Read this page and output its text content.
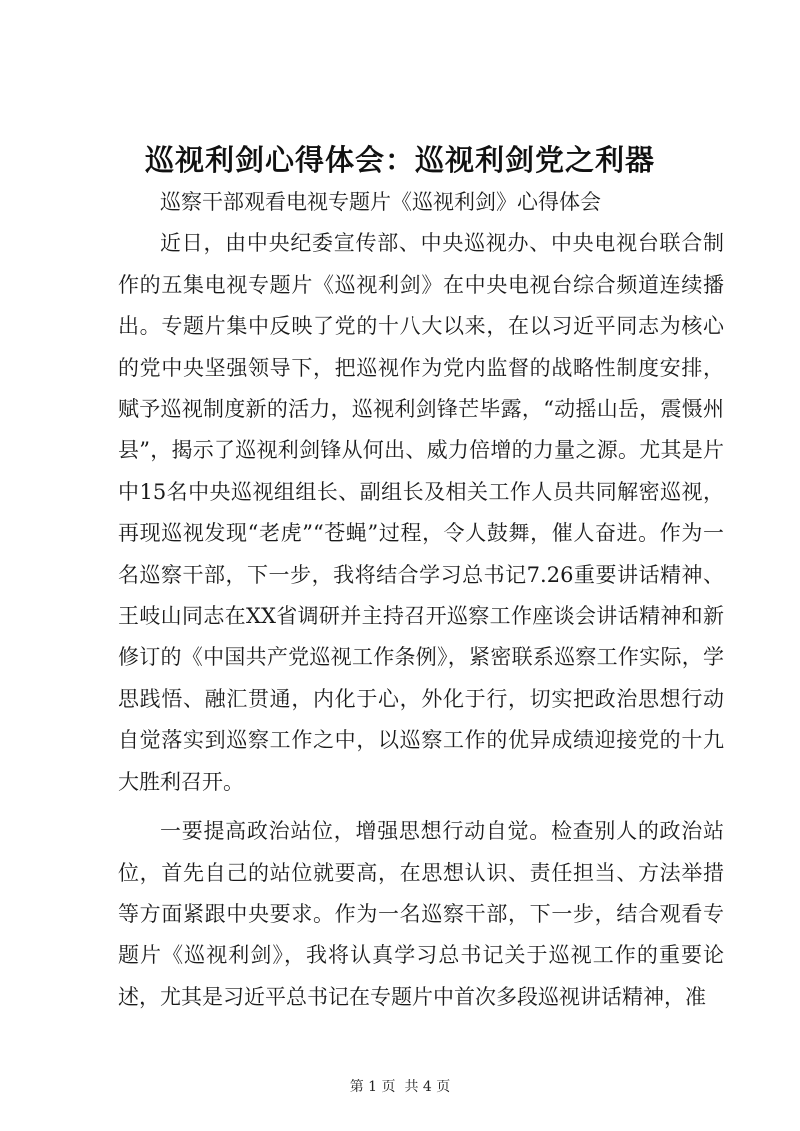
巡视利剑心得体会：巡视利剑党之利器

巡察干部观看电视专题片《巡视利剑》心得体会

近日，由中央纪委宣传部、中央巡视办、中央电视台联合制作的五集电视专题片《巡视利剑》在中央电视台综合频道连续播出。专题片集中反映了党的十八大以来，在以习近平同志为核心的党中央坚强领导下，把巡视作为党内监督的战略性制度安排，赋予巡视制度新的活力，巡视利剑锋芒毕露，“动摇山岳，震慑州县”，揭示了巡视利剑锋从何出、威力倍增的力量之源。尤其是片中15名中央巡视组组长、副组长及相关工作人员共同解密巡视，再现巡视发现“老虎”“苍蝇”过程，令人鼓舞，催人奋进。作为一名巡察干部，下一步，我将结合学习总书记7.26重要讲话精神、王岐山同志在XX省调研并主持召开巡察工作座谈会讲话精神和新修订的《中国共产党巡视工作条例》，紧密联系巡察工作实际，学思践悟、融汇贯通，内化于心，外化于行，切实把政治思想行动自觉落实到巡察工作之中，以巡察工作的优异成绩迎接党的十九大胜利召开。

一要提高政治站位，增强思想行动自觉。检查别人的政治站位，首先自己的站位就要高，在思想认识、责任担当、方法举措等方面紧跟中央要求。作为一名巡察干部，下一步，结合观看专题片《巡视利剑》，我将认真学习总书记关于巡视工作的重要论述，尤其是习近平总书记在专题片中首次多段巡视讲话精神，准

第 1 页  共 4 页
